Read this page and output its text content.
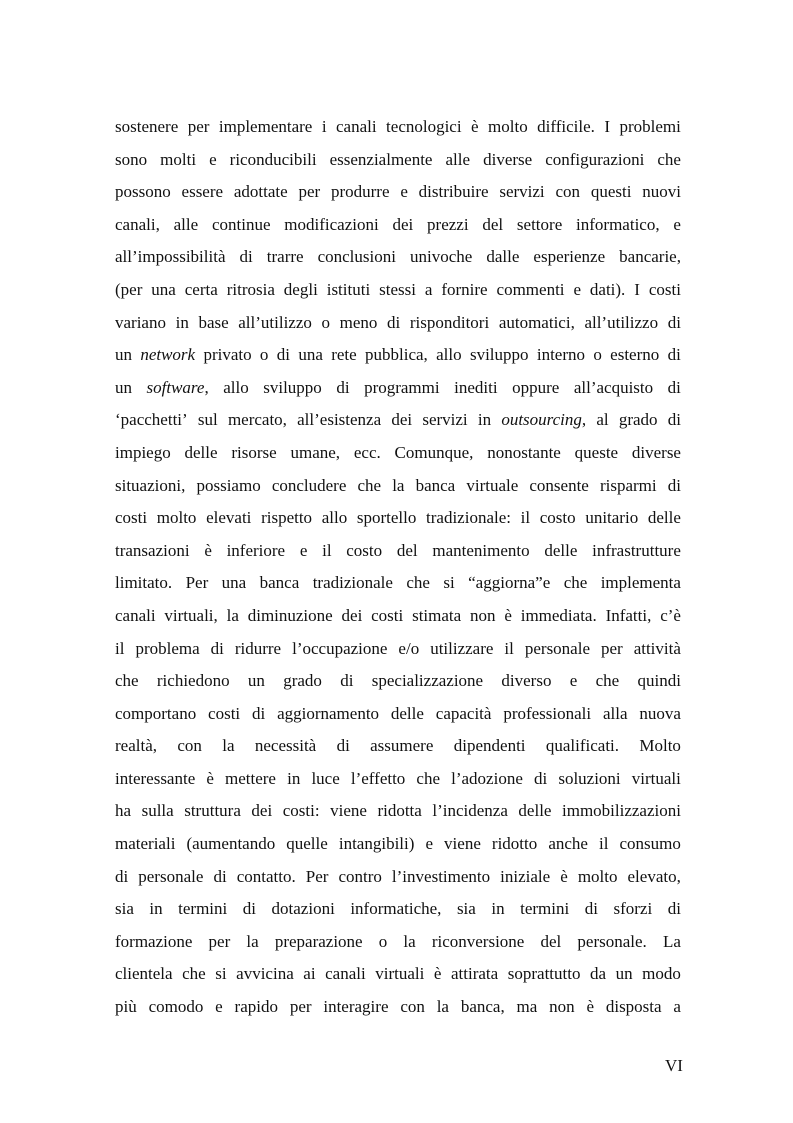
sostenere per implementare i canali tecnologici è molto difficile. I problemi
sono molti e riconducibili essenzialmente alle diverse configurazioni che
possono essere adottate per produrre e distribuire servizi con questi nuovi
canali, alle continue modificazioni dei prezzi del settore informatico, e
all’impossibilità di trarre conclusioni univoche dalle esperienze bancarie,
(per una certa ritrosia degli istituti stessi a fornire commenti e dati). I costi
variano in base all’utilizzo o meno di risponditori automatici, all’utilizzo di
un network privato o di una rete pubblica, allo sviluppo interno o esterno di
un software, allo sviluppo di programmi inediti oppure all’acquisto di
‘pacchetti’ sul mercato, all’esistenza dei servizi in outsourcing, al grado di
impiego delle risorse umane, ecc. Comunque, nonostante queste diverse
situazioni, possiamo concludere che la banca virtuale consente risparmi di
costi molto elevati rispetto allo sportello tradizionale: il costo unitario delle
transazioni è inferiore e il costo del mantenimento delle infrastrutture
limitato. Per una banca tradizionale che si “aggiorna”e che implementa
canali virtuali, la diminuzione dei costi stimata non è immediata. Infatti, c’è
il problema di ridurre l’occupazione e/o utilizzare il personale per attività
che richiedono un grado di specializzazione diverso e che quindi
comportano costi di aggiornamento delle capacità professionali alla nuova
realtà, con la necessità di assumere dipendenti qualificati. Molto
interessante è mettere in luce l’effetto che l’adozione di soluzioni virtuali
ha sulla struttura dei costi: viene ridotta l’incidenza delle immobilizzazioni
materiali (aumentando quelle intangibili) e viene ridotto anche il consumo
di personale di contatto. Per contro l’investimento iniziale è molto elevato,
sia in termini di dotazioni informatiche, sia in termini di sforzi di
formazione per la preparazione o la riconversione del personale. La
clientela che si avvicina ai canali virtuali è attirata soprattutto da un modo
più comodo e rapido per interagire con la banca, ma non è disposta a
VI
